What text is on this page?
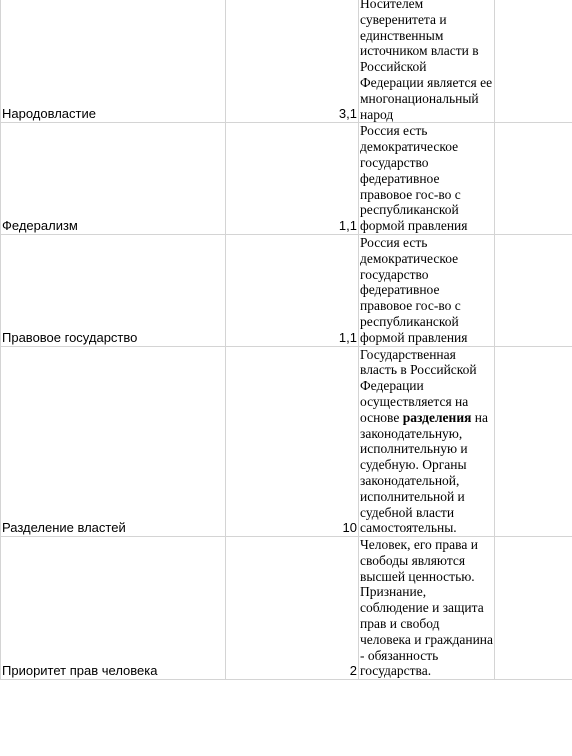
Народовластие	3,1	Носителем суверенитета и единственным источником власти в Российской Федерации является ее многонациональный народ	
Федерализм	1,1	Россия есть демократическое государство федеративное правовое гос-во с республиканской формой правления	
Правовое государство	1,1	Россия есть демократическое государство федеративное правовое гос-во с республиканской формой правления	
Разделение властей	10	Государственная власть в Российской Федерации осуществляется на основе разделения на законодательную, исполнительную и судебную. Органы законодательной, исполнительной и судебной власти самостоятельны.	
Приоритет прав человека	2	Человек, его права и свободы являются высшей ценностью. Признание, соблюдение и защита прав и свобод человека и гражданина - обязанность государства.	
